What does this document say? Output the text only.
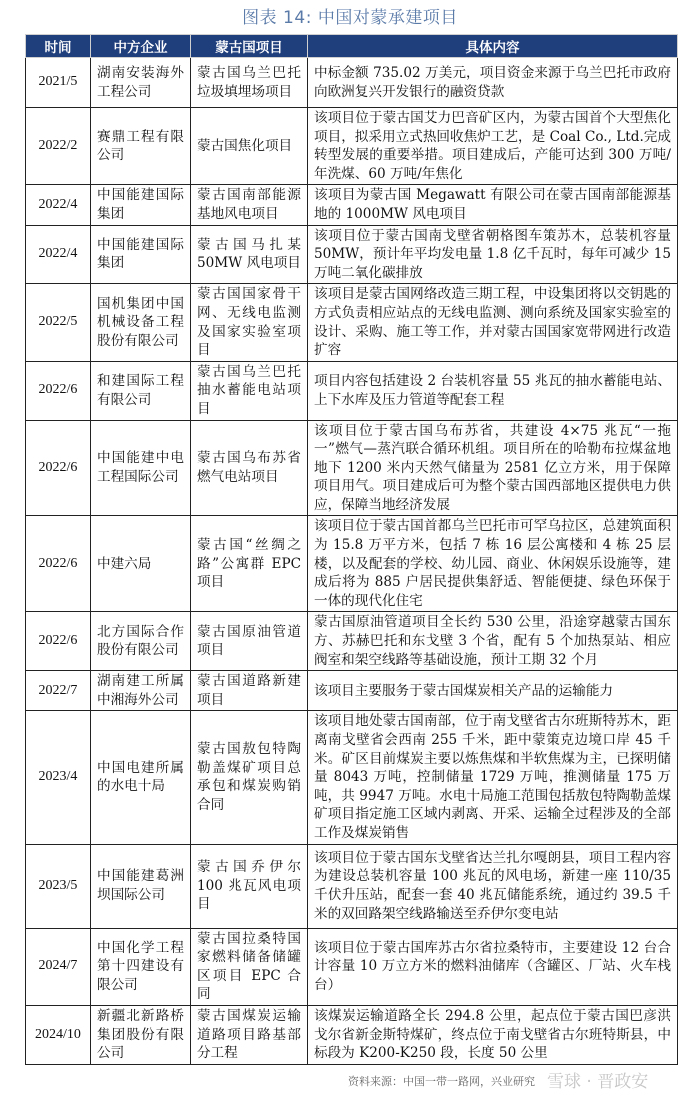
图表 14: 中国对蒙承建项目
时间	中方企业	蒙古国项目	具体内容
2021/5	湖南安装海外工程公司	蒙古国乌兰巴托垃圾填埋场项目	中标金额 735.02 万美元，项目资金来源于乌兰巴托市政府向欧洲复兴开发银行的融资贷款
2022/2	赛鼎工程有限公司	蒙古国焦化项目	该项目位于蒙古国艾力巴音矿区内，为蒙古国首个大型焦化项目，拟采用立式热回收焦炉工艺，是 Coal Co., Ltd.完成转型发展的重要举措。项目建成后，产能可达到 300 万吨/年洗煤、60 万吨/年焦化
2022/4	中国能建国际集团	蒙古国南部能源基地风电项目	该项目为蒙古国 Megawatt 有限公司在蒙古国南部能源基地的 1000MW 风电项目
2022/4	中国能建国际集团	蒙古国马扎某 50MW 风电项目	该项目位于蒙古国南戈壁省朝格图车策苏木，总装机容量 50MW，预计年平均发电量 1.8 亿千瓦时，每年可减少 15 万吨二氧化碳排放
2022/5	国机集团中国机械设备工程股份有限公司	蒙古国国家骨干网、无线电监测及国家实验室项目	该项目是蒙古国网络改造三期工程，中设集团将以交钥匙的方式负责相应站点的无线电监测、测向系统及国家实验室的设计、采购、施工等工作，并对蒙古国国家宽带网进行改造扩容
2022/6	和建国际工程有限公司	蒙古国乌兰巴托抽水蓄能电站项目	项目内容包括建设 2 台装机容量 55 兆瓦的抽水蓄能电站、上下水库及压力管道等配套工程
2022/6	中国能建中电工程国际公司	蒙古国乌布苏省燃气电站项目	该项目位于蒙古国乌布苏省，共建设 4×75 兆瓦“一拖一”燃气—蒸汽联合循环机组。项目所在的哈勒布拉煤盆地地下 1200 米内天然气储量为 2581 亿立方米，用于保障项目用气。项目建成后可为整个蒙古国西部地区提供电力供应，保障当地经济发展
2022/6	中建六局	蒙古国“丝绸之路”公寓群 EPC 项目	该项目位于蒙古国首都乌兰巴托市可罕乌拉区，总建筑面积为 15.8 万平方米，包括 7 栋 16 层公寓楼和 4 栋 25 层楼，以及配套的学校、幼儿园、商业、休闲娱乐设施等，建成后将为 885 户居民提供集舒适、智能便捷、绿色环保于一体的现代化住宅
2022/6	北方国际合作股份有限公司	蒙古国原油管道项目	蒙古国原油管道项目全长约 530 公里，沿途穿越蒙古国东方、苏赫巴托和东戈壁 3 个省，配有 5 个加热泵站、相应阀室和架空线路等基础设施，预计工期 32 个月
2022/7	湖南建工所属中湘海外公司	蒙古国道路新建项目	该项目主要服务于蒙古国煤炭相关产品的运输能力
2023/4	中国电建所属的水电十局	蒙古国敖包特陶勒盖煤矿项目总承包和煤炭购销合同	该项目地处蒙古国南部，位于南戈壁省古尔班斯特苏木，距离南戈壁省会西南 255 千米，距中蒙策克边境口岸 45 千米。矿区目前煤炭主要以炼焦煤和半软焦煤为主，已探明储量 8043 万吨，控制储量 1729 万吨，推测储量 175 万吨，共 9947 万吨。水电十局施工范围包括敖包特陶勒盖煤矿项目指定施工区域内剥离、开采、运输全过程涉及的全部工作及煤炭销售
2023/5	中国能建葛洲坝国际公司	蒙古国乔伊尔 100 兆瓦风电项目	该项目位于蒙古国东戈壁省达兰扎尔嘎朗县，项目工程内容为建设总装机容量 100 兆瓦的风电场，新建一座 110/35 千伏升压站，配套一套 40 兆瓦储能系统，通过约 39.5 千米的双回路架空线路输送至乔伊尔变电站
2024/7	中国化学工程第十四建设有限公司	蒙古国拉桑特国家燃料储备储罐区项目 EPC 合同	该项目位于蒙古国库苏古尔省拉桑特市，主要建设 12 台合计容量 10 万立方米的燃料油储库（含罐区、厂站、火车栈台）
2024/10	新疆北新路桥集团股份有限公司	蒙古国煤炭运输道路项目路基部分工程	该煤炭运输道路全长 294.8 公里，起点位于蒙古国巴彦洪戈尔省新金斯特煤矿，终点位于南戈壁省古尔班特斯县，中标段为 K200-K250 段，长度 50 公里
资料来源：中国一带一路网，兴业研究 雪球 · 晋政安
